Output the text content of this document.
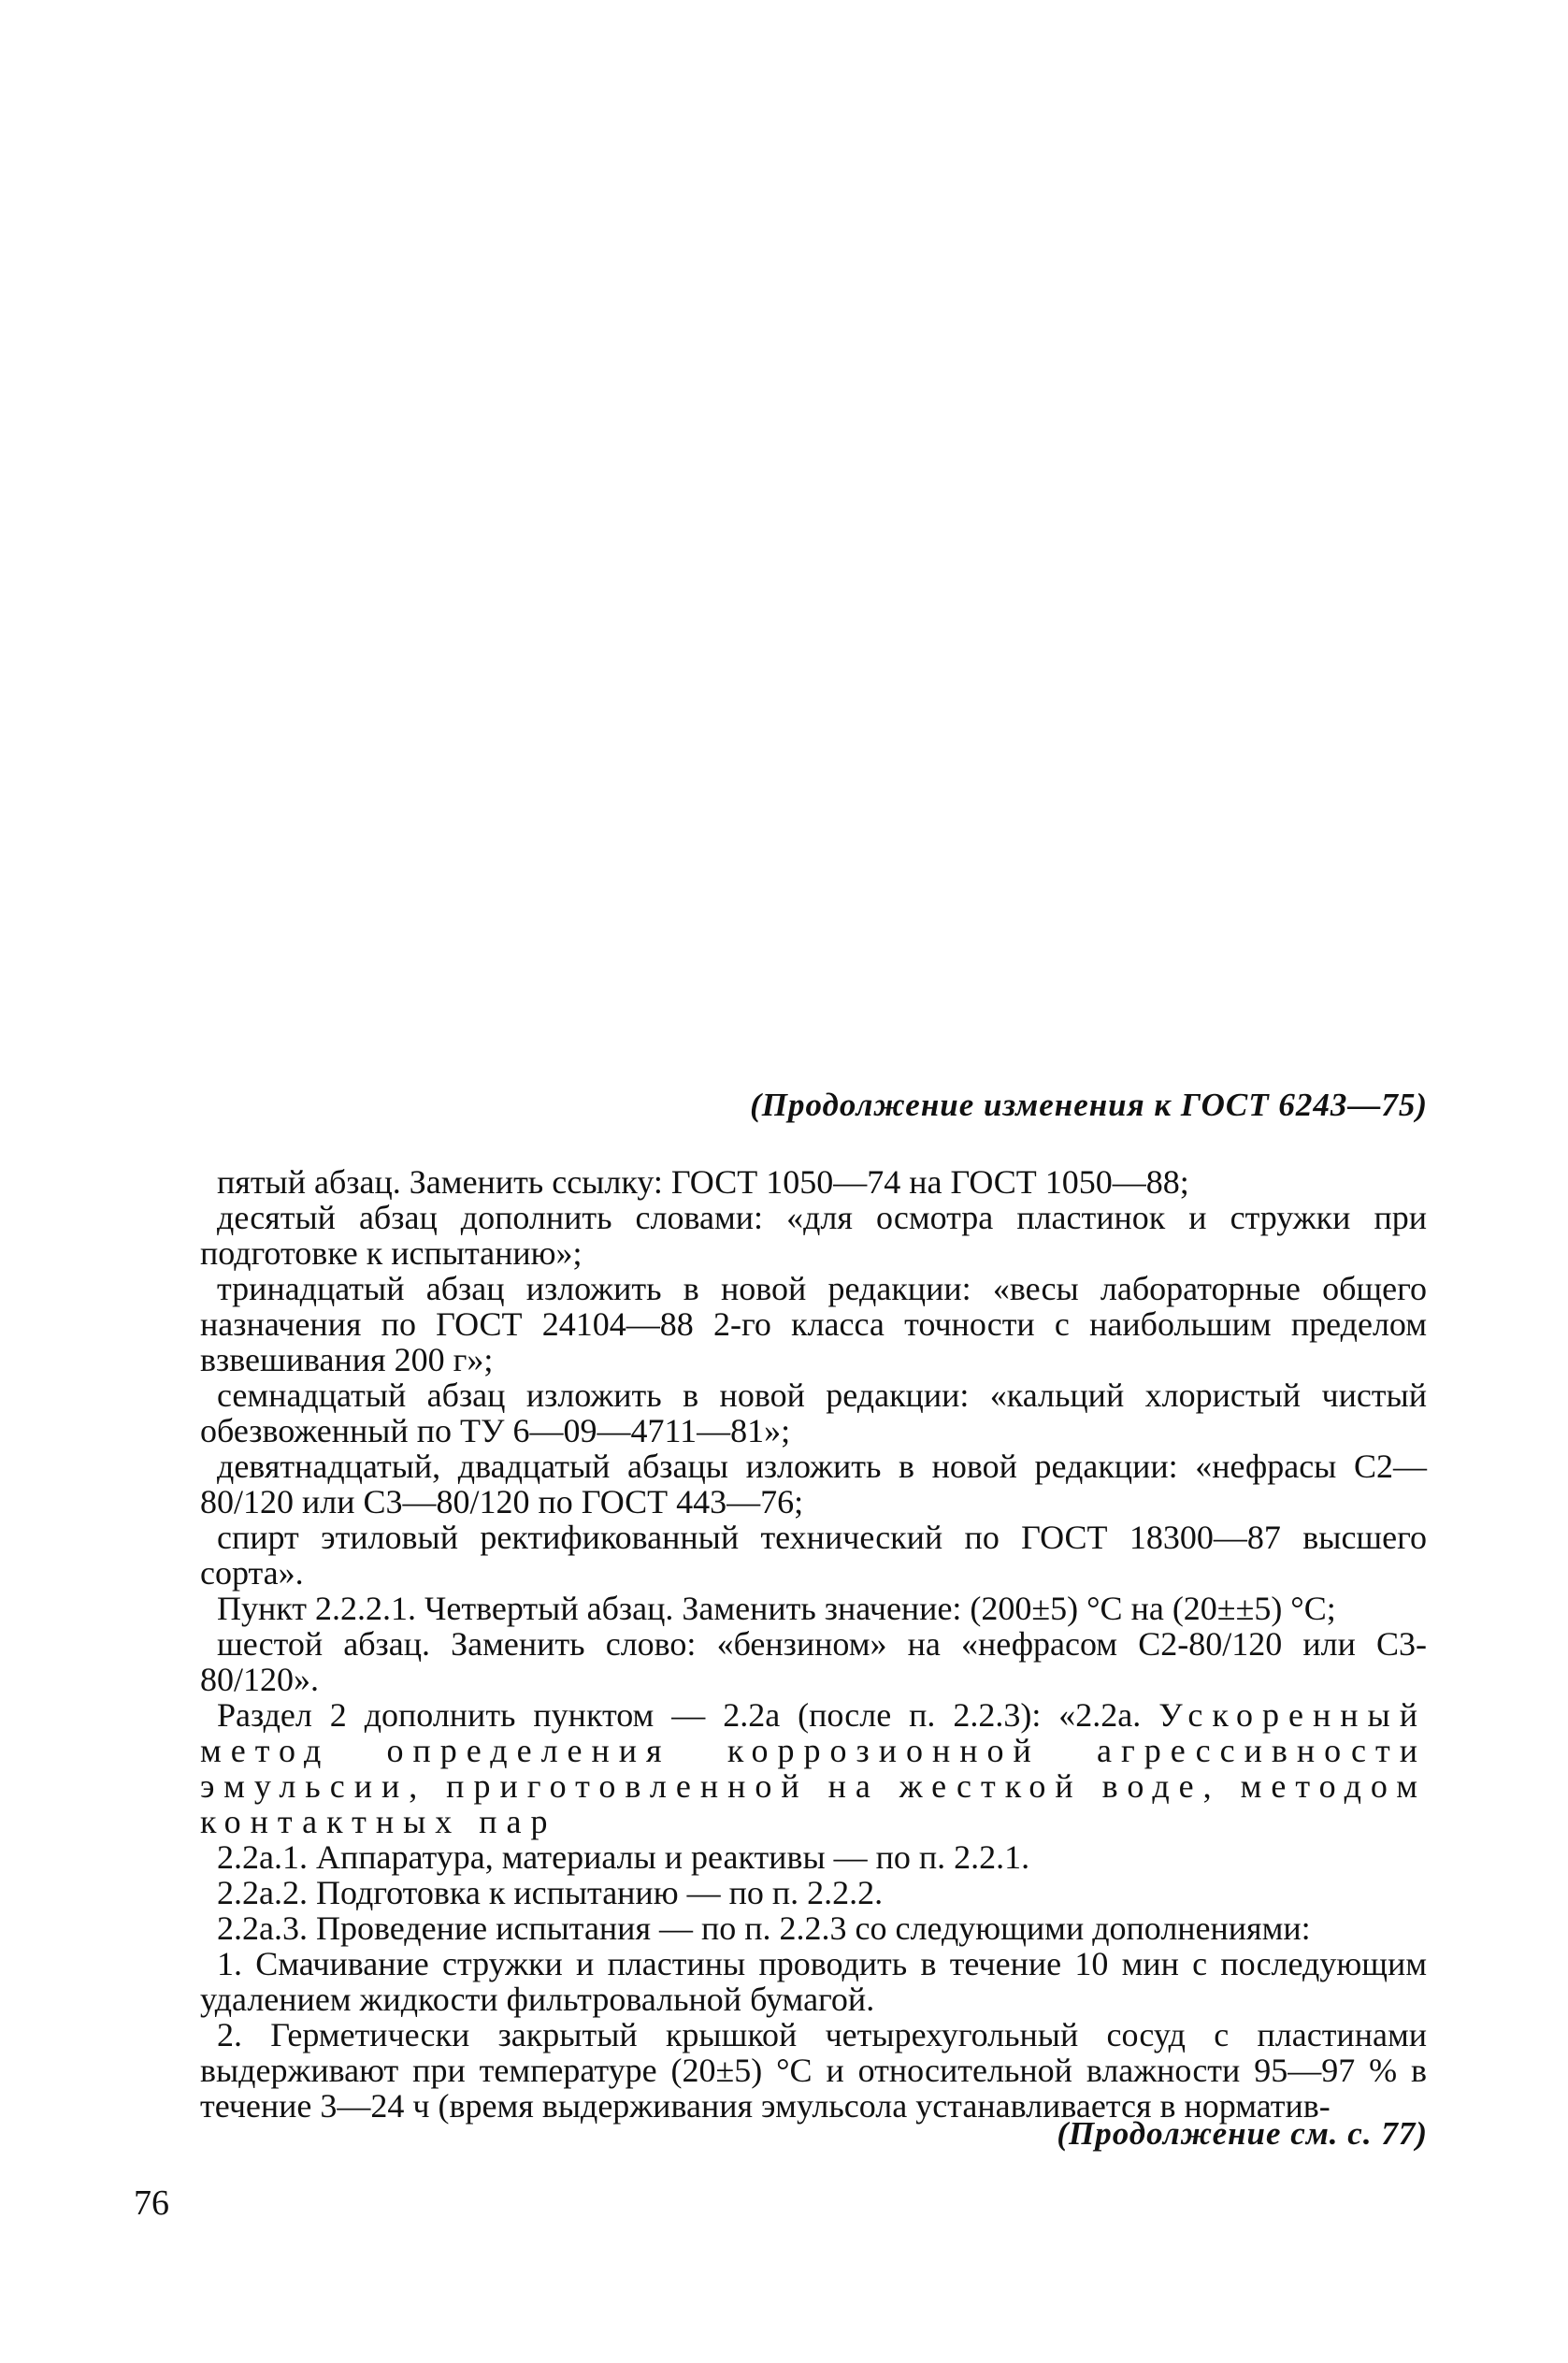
(Продолжение изменения к ГОСТ 6243—75)

пятый абзац. Заменить ссылку: ГОСТ 1050—74 на ГОСТ 1050—88;

десятый абзац дополнить словами: «для осмотра пластинок и стружки при подготовке к испытанию»;

тринадцатый абзац изложить в новой редакции: «весы лабораторные общего назначения по ГОСТ 24104—88 2-го класса точности с наибольшим пределом взвешивания 200 г»;

семнадцатый абзац изложить в новой редакции: «кальций хлористый чистый обезвоженный по ТУ 6—09—4711—81»;

девятнадцатый, двадцатый абзацы изложить в новой редакции: «нефрасы С2—80/120 или С3—80/120 по ГОСТ 443—76;

спирт этиловый ректификованный технический по ГОСТ 18300—87 высшего сорта».

Пункт 2.2.2.1. Четвертый абзац. Заменить значение: (200±5) °С на (20±±5) °С;

шестой абзац. Заменить слово: «бензином» на «нефрасом С2-80/120 или С3-80/120».

Раздел 2 дополнить пунктом — 2.2а (после п. 2.2.3): «2.2а. Ускоренный метод определения коррозионной агрессивности эмульсии, приготовленной на жесткой воде, методом контактных пар

2.2а.1. Аппаратура, материалы и реактивы — по п. 2.2.1.

2.2а.2. Подготовка к испытанию — по п. 2.2.2.

2.2а.3. Проведение испытания — по п. 2.2.3 со следующими дополнениями:

1. Смачивание стружки и пластины проводить в течение 10 мин с последующим удалением жидкости фильтровальной бумагой.

2. Герметически закрытый крышкой четырехугольный сосуд с пластинами выдерживают при температуре (20±5) °С и относительной влажности 95—97 % в течение 3—24 ч (время выдерживания эмульсола устанавливается в норматив-

(Продолжение см. с. 77)
76
